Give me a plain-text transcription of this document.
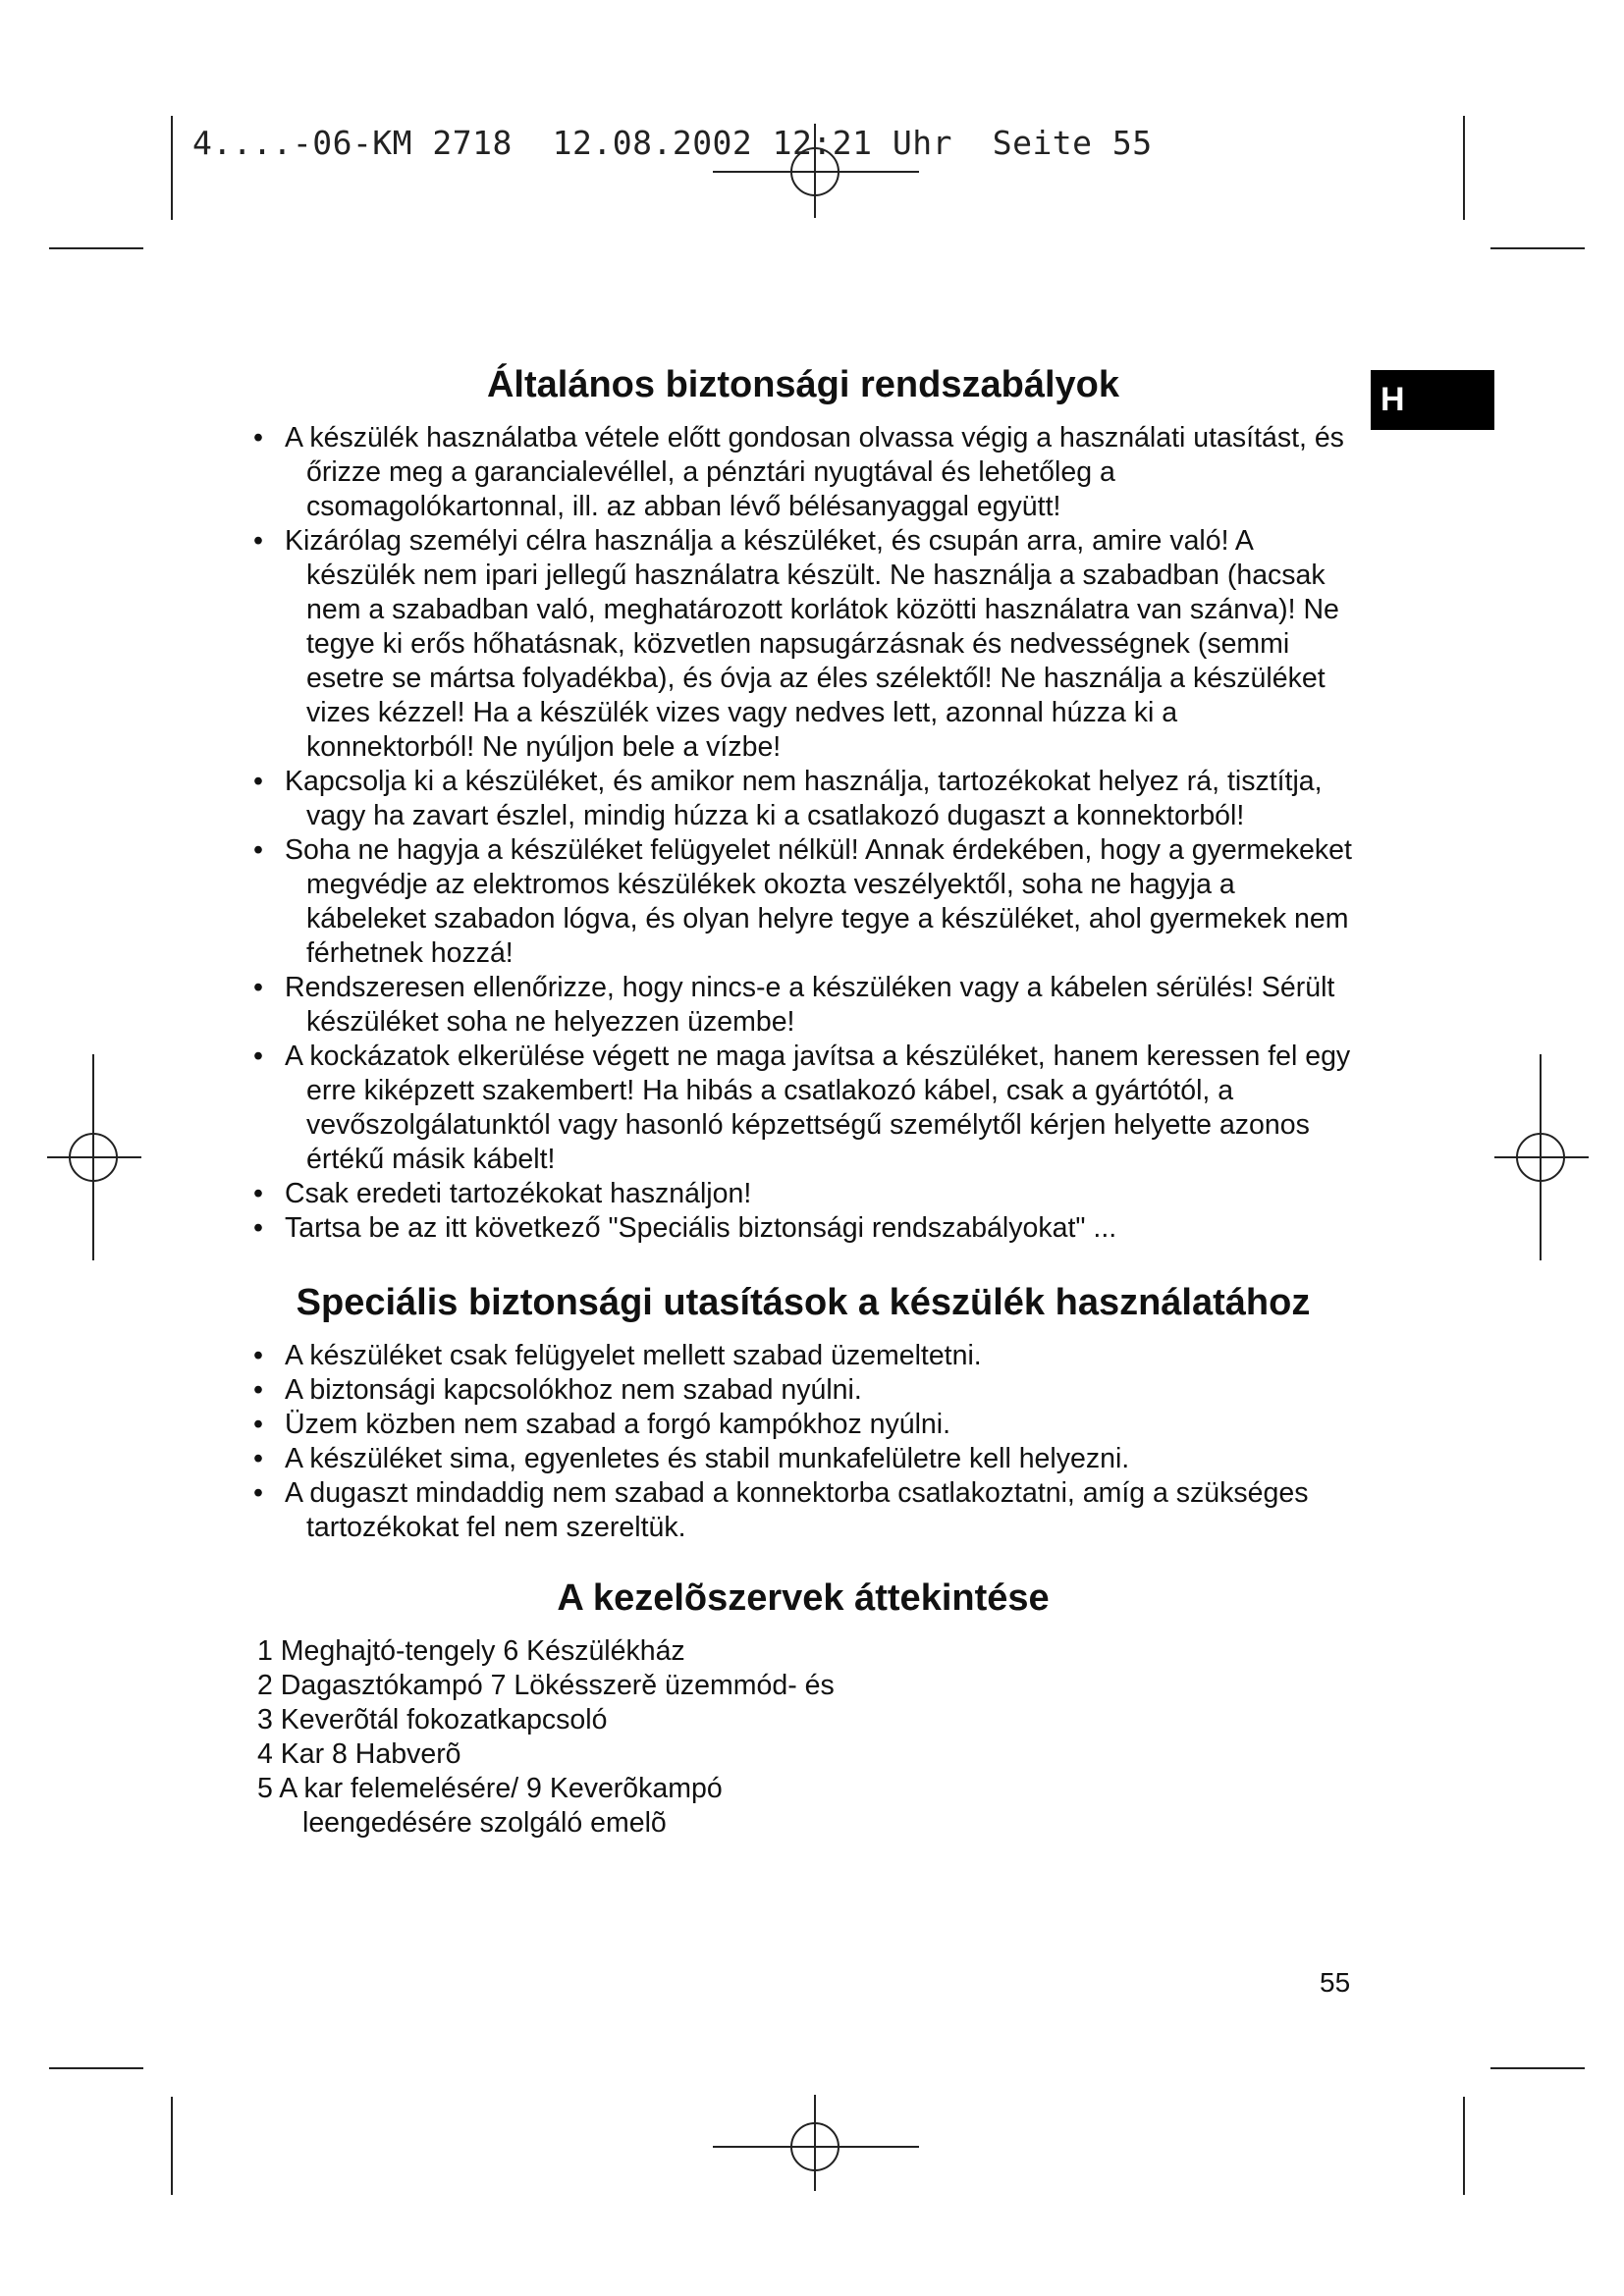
4....-06-KM 2718  12.08.2002 12:21 Uhr  Seite 55
H
Általános biztonsági rendszabályok
• A készülék használatba vétele előtt gondosan olvassa végig a használati utasítást, és őrizze meg a garancialevéllel, a pénztári nyugtával és lehetőleg a csomagolókartonnal, ill. az abban lévő bélésanyaggal együtt!
• Kizárólag személyi célra használja a készüléket, és csupán arra, amire való! A készülék nem ipari jellegű használatra készült. Ne használja a szabadban (hacsak nem a szabadban való, meghatározott korlátok közötti használatra van szánva)! Ne tegye ki erős hőhatásnak, közvetlen napsugárzásnak és nedvességnek (semmi esetre se mártsa folyadékba), és óvja az éles szélektől! Ne használja a készüléket vizes kézzel! Ha a készülék vizes vagy nedves lett, azonnal húzza ki a konnektorból! Ne nyúljon bele a vízbe!
• Kapcsolja ki a készüléket, és amikor nem használja, tartozékokat helyez rá, tisztítja, vagy ha zavart észlel, mindig húzza ki a csatlakozó dugaszt a konnektorból!
• Soha ne hagyja a készüléket felügyelet nélkül! Annak érdekében, hogy a gyermekeket megvédje az elektromos készülékek okozta veszélyektől, soha ne hagyja a kábeleket szabadon lógva, és olyan helyre tegye a készüléket, ahol gyermekek nem férhetnek hozzá!
• Rendszeresen ellenőrizze, hogy nincs-e a készüléken vagy a kábelen sérülés! Sérült készüléket soha ne helyezzen üzembe!
• A kockázatok elkerülése végett ne maga javítsa a készüléket, hanem keressen fel egy erre kiképzett szakembert! Ha hibás a csatlakozó kábel, csak a gyártótól, a vevőszolgálatunktól vagy hasonló képzettségű személytől kérjen helyette azonos értékű másik kábelt!
• Csak eredeti tartozékokat használjon!
• Tartsa be az itt következő "Speciális biztonsági rendszabályokat" ...
Speciális biztonsági utasítások a készülék használatához
• A készüléket csak felügyelet mellett szabad üzemeltetni.
• A biztonsági kapcsolókhoz nem szabad nyúlni.
• Üzem közben nem szabad a forgó kampókhoz nyúlni.
• A készüléket sima, egyenletes és stabil munkafelületre kell helyezni.
• A dugaszt mindaddig nem szabad a konnektorba csatlakoztatni, amíg a szükséges tartozékokat fel nem szereltük.
A kezelõszervek áttekintése
1 Meghajtó-tengely 6 Készülékház
2 Dagasztókampó 7 Lökésszerě üzemmód- és
3 Keverõtál fokozatkapcsoló
4 Kar 8 Habverõ
5 A kar felemelésére/ 9 Keverõkampó
leengedésére szolgáló emelõ
55
